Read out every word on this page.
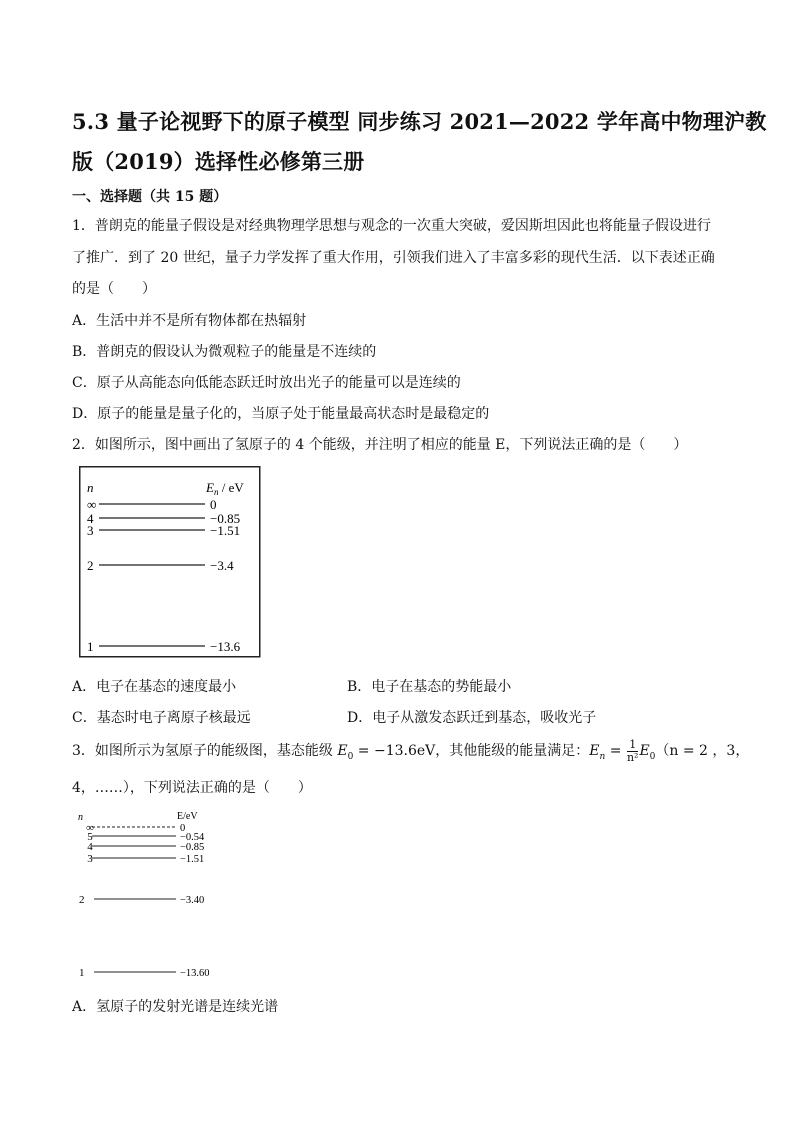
5.3 量子论视野下的原子模型 同步练习 2021—2022 学年高中物理沪教
版（2019）选择性必修第三册
一、选择题（共 15 题）
1．普朗克的能量子假设是对经典物理学思想与观念的一次重大突破，爱因斯坦因此也将能量子假设进行
了推广．到了 20 世纪，量子力学发挥了重大作用，引领我们进入了丰富多彩的现代生活．以下表述正确
的是（　　）
A．生活中并不是所有物体都在热辐射
B．普朗克的假设认为微观粒子的能量是不连续的
C．原子从高能态向低能态跃迁时放出光子的能量可以是连续的
D．原子的能量是量子化的，当原子处于能量最高状态时是最稳定的
2．如图所示，图中画出了氢原子的 4 个能级，并注明了相应的能量 E，下列说法正确的是（　　）
n	$E_n$ / eV
∞	0
4	−0.85
3	−1.51
2	−3.4
1	−13.6
A．电子在基态的速度最小	B．电子在基态的势能最小
C．基态时电子离原子核最远	D．电子从激发态跃迁到基态，吸收光子
3．如图所示为氢原子的能级图，基态能级 $E_0 = -13.6eV$，其他能级的能量满足：$E_n = \frac{1}{\text{n²}} E_0(n = 2$ ，3，
4，……），下列说法正确的是（　　）
n	E/eV
∞	0
5	−0.54
4	−0.85
3	−1.51
2	−3.40
1	−13.60
A．氢原子的发射光谱是连续光谱
